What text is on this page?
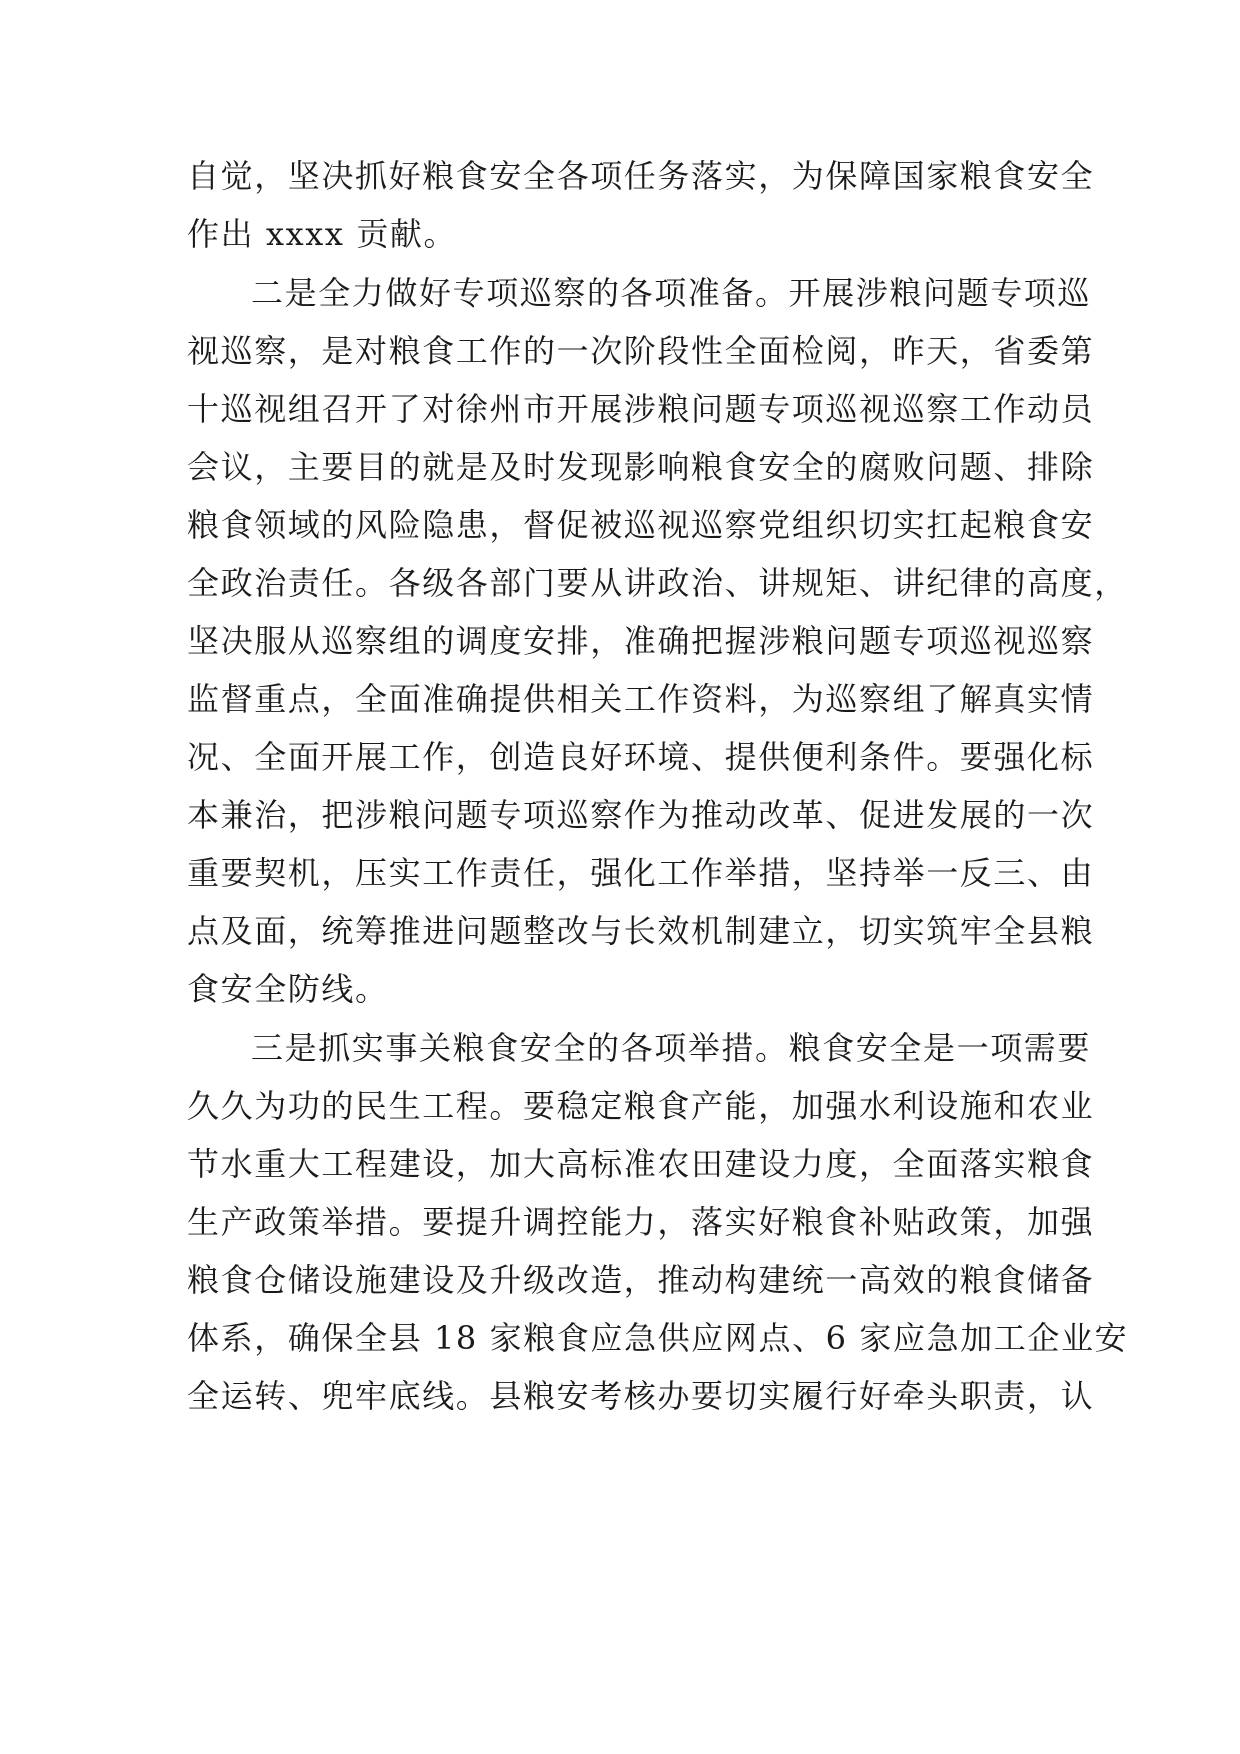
自觉，坚决抓好粮食安全各项任务落实，为保障国家粮食安全
作出 xxxx 贡献。
二是全力做好专项巡察的各项准备。开展涉粮问题专项巡
视巡察，是对粮食工作的一次阶段性全面检阅，昨天，省委第
十巡视组召开了对徐州市开展涉粮问题专项巡视巡察工作动员
会议，主要目的就是及时发现影响粮食安全的腐败问题、排除
粮食领域的风险隐患，督促被巡视巡察党组织切实扛起粮食安
全政治责任。各级各部门要从讲政治、讲规矩、讲纪律的高度，
坚决服从巡察组的调度安排，准确把握涉粮问题专项巡视巡察
监督重点，全面准确提供相关工作资料，为巡察组了解真实情
况、全面开展工作，创造良好环境、提供便利条件。要强化标
本兼治，把涉粮问题专项巡察作为推动改革、促进发展的一次
重要契机，压实工作责任，强化工作举措，坚持举一反三、由
点及面，统筹推进问题整改与长效机制建立，切实筑牢全县粮
食安全防线。
三是抓实事关粮食安全的各项举措。粮食安全是一项需要
久久为功的民生工程。要稳定粮食产能，加强水利设施和农业
节水重大工程建设，加大高标准农田建设力度，全面落实粮食
生产政策举措。要提升调控能力，落实好粮食补贴政策，加强
粮食仓储设施建设及升级改造，推动构建统一高效的粮食储备
体系，确保全县 18 家粮食应急供应网点、6 家应急加工企业安
全运转、兜牢底线。县粮安考核办要切实履行好牵头职责，认
